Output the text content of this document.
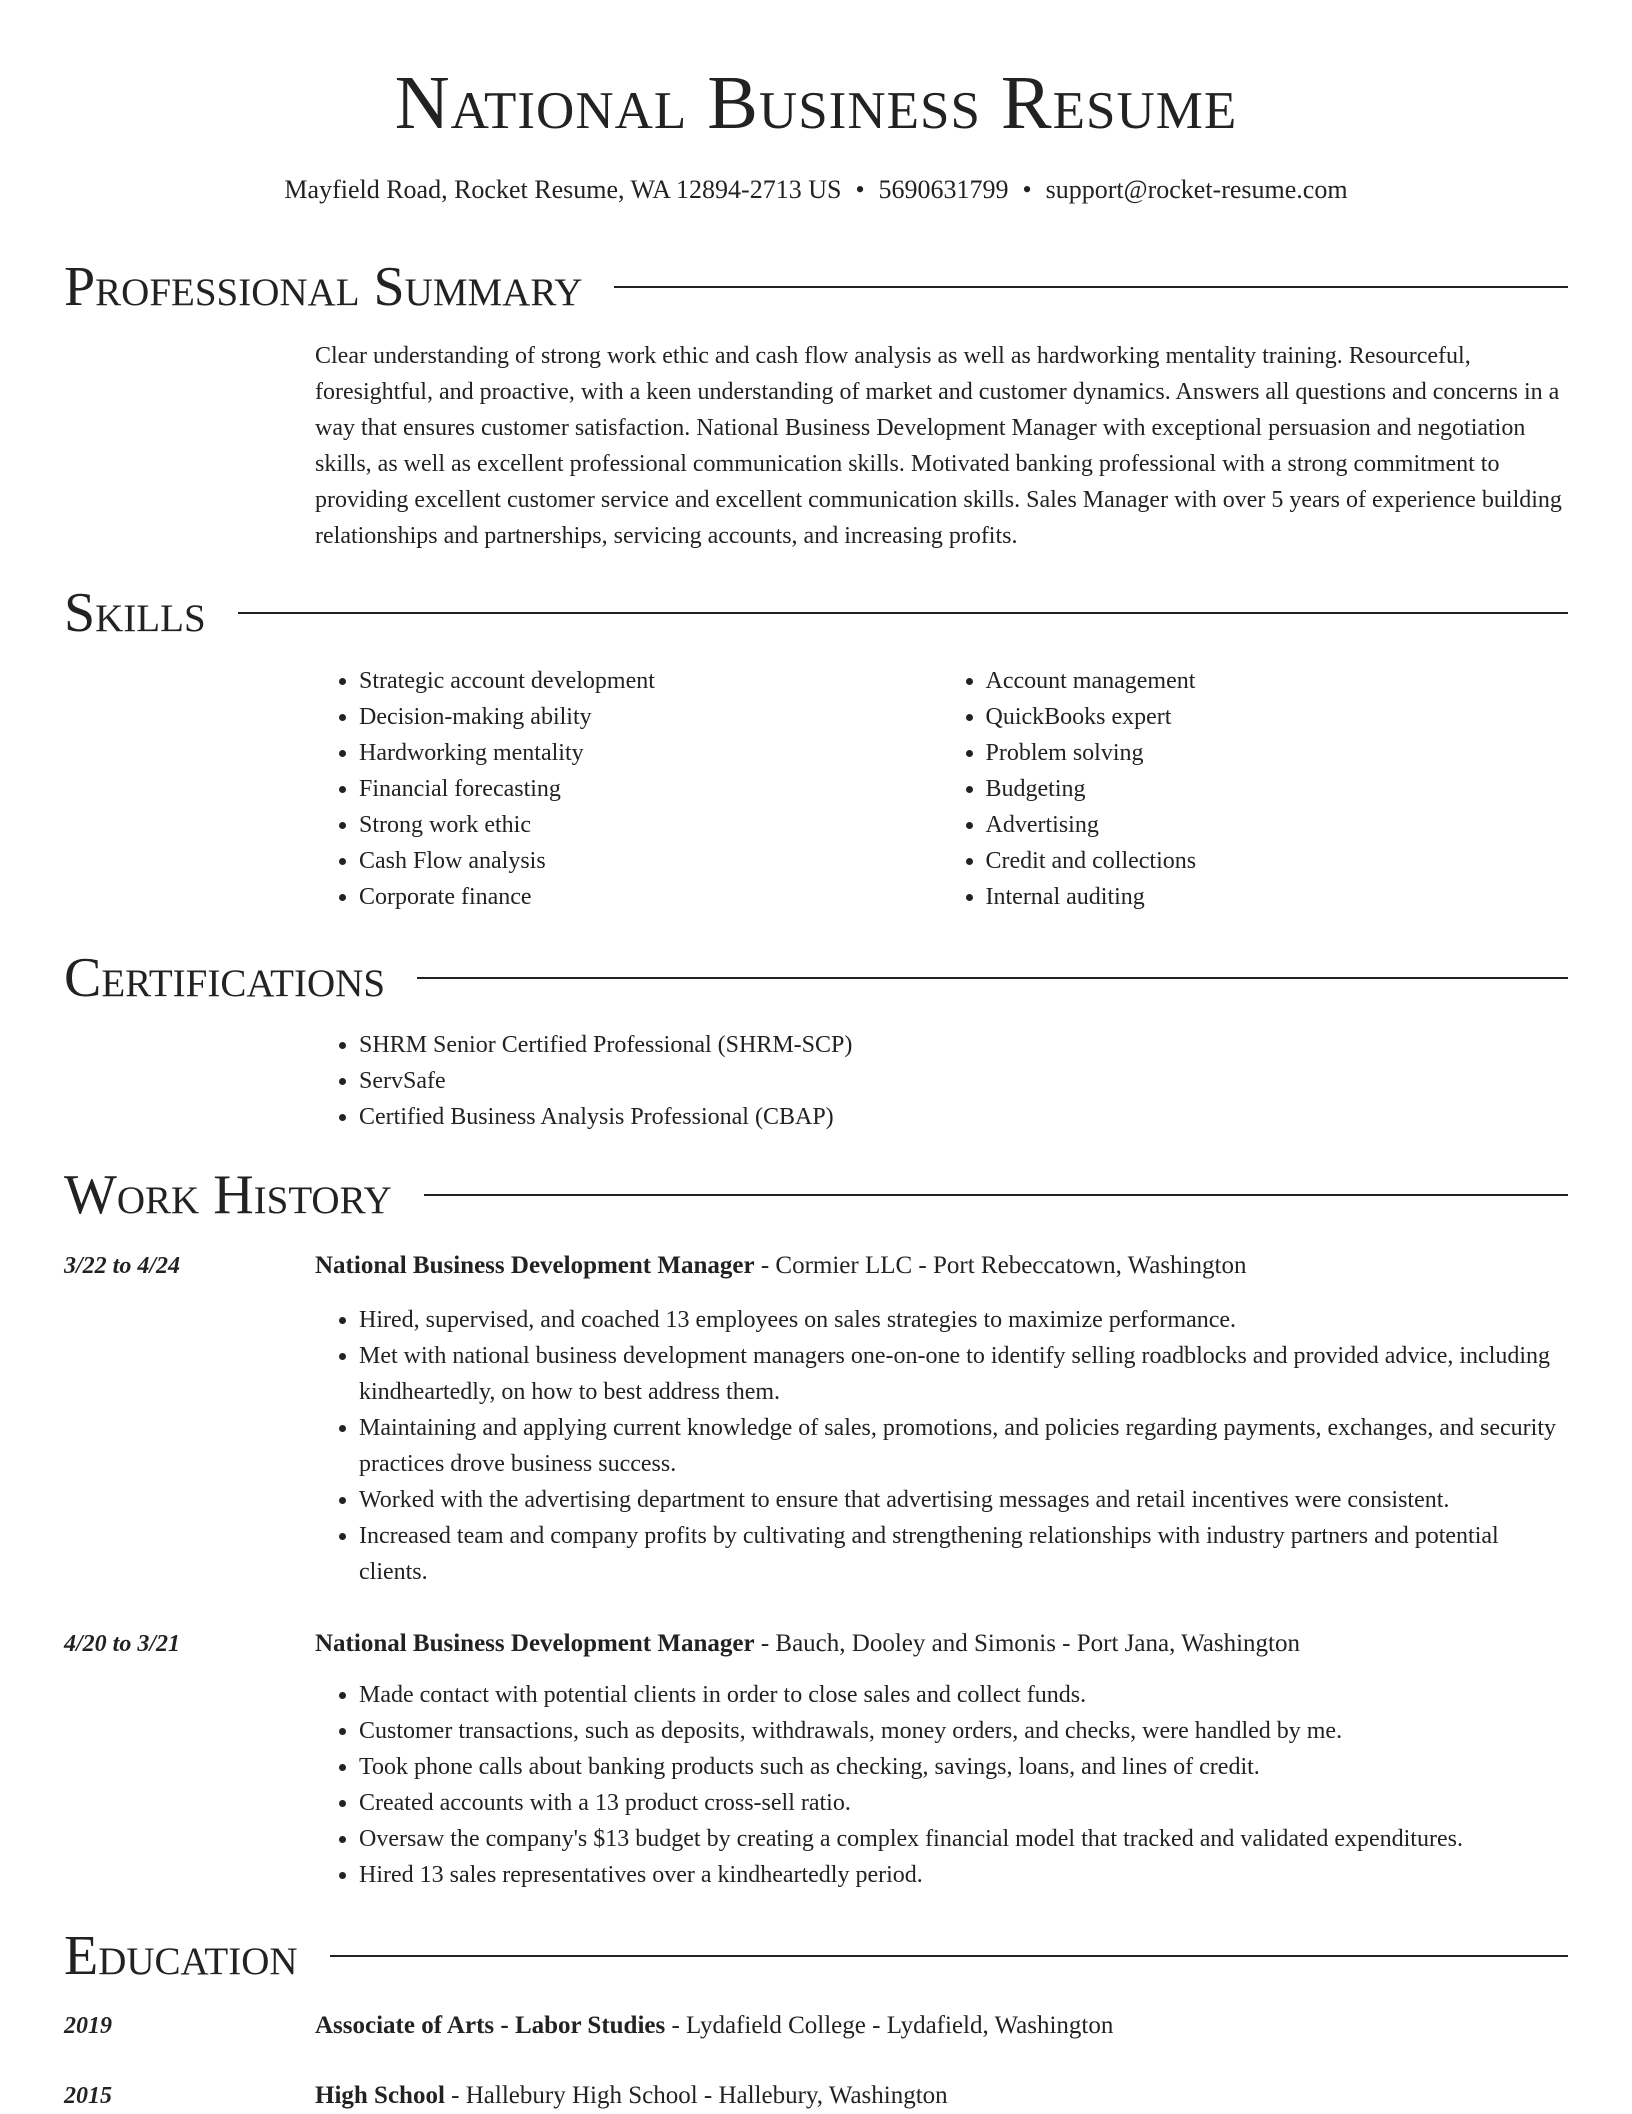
National Business Resume
Mayfield Road, Rocket Resume, WA 12894-2713 US • 5690631799 • support@rocket-resume.com
Professional Summary
Clear understanding of strong work ethic and cash flow analysis as well as hardworking mentality training. Resourceful, foresightful, and proactive, with a keen understanding of market and customer dynamics. Answers all questions and concerns in a way that ensures customer satisfaction. National Business Development Manager with exceptional persuasion and negotiation skills, as well as excellent professional communication skills. Motivated banking professional with a strong commitment to providing excellent customer service and excellent communication skills. Sales Manager with over 5 years of experience building relationships and partnerships, servicing accounts, and increasing profits.
Skills
• Strategic account development
• Decision-making ability
• Hardworking mentality
• Financial forecasting
• Strong work ethic
• Cash Flow analysis
• Corporate finance
• Account management
• QuickBooks expert
• Problem solving
• Budgeting
• Advertising
• Credit and collections
• Internal auditing
Certifications
• SHRM Senior Certified Professional (SHRM-SCP)
• ServSafe
• Certified Business Analysis Professional (CBAP)
Work History
3/22 to 4/24	National Business Development Manager - Cormier LLC - Port Rebeccatown, Washington
• Hired, supervised, and coached 13 employees on sales strategies to maximize performance.
• Met with national business development managers one-on-one to identify selling roadblocks and provided advice, including kindheartedly, on how to best address them.
• Maintaining and applying current knowledge of sales, promotions, and policies regarding payments, exchanges, and security practices drove business success.
• Worked with the advertising department to ensure that advertising messages and retail incentives were consistent.
• Increased team and company profits by cultivating and strengthening relationships with industry partners and potential clients.
4/20 to 3/21	National Business Development Manager - Bauch, Dooley and Simonis - Port Jana, Washington
• Made contact with potential clients in order to close sales and collect funds.
• Customer transactions, such as deposits, withdrawals, money orders, and checks, were handled by me.
• Took phone calls about banking products such as checking, savings, loans, and lines of credit.
• Created accounts with a 13 product cross-sell ratio.
• Oversaw the company's $13 budget by creating a complex financial model that tracked and validated expenditures.
• Hired 13 sales representatives over a kindheartedly period.
Education
2019	Associate of Arts - Labor Studies - Lydafield College - Lydafield, Washington
2015	High School - Hallebury High School - Hallebury, Washington
